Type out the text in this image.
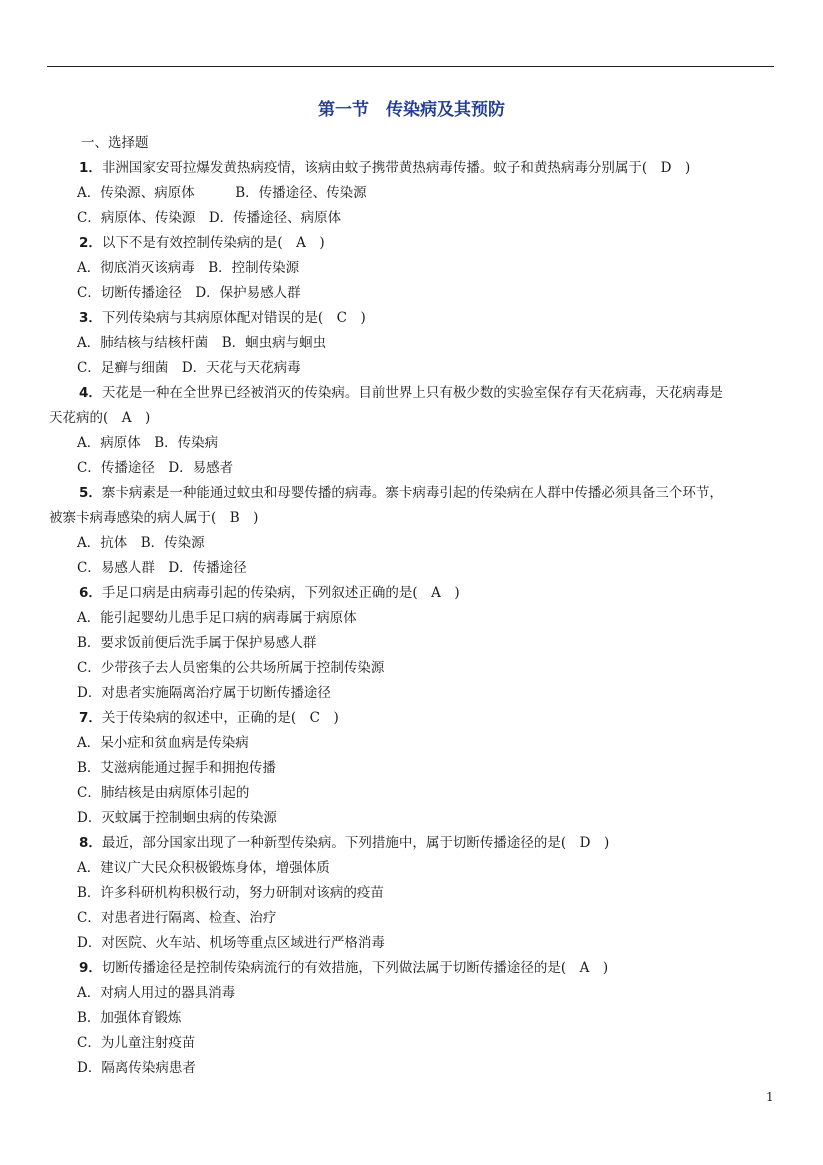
第一节　传染病及其预防
一、选择题
1．非洲国家安哥拉爆发黄热病疫情，该病由蚊子携带黄热病毒传播。蚊子和黄热病毒分别属于(　D　)
A．传染源、病原体　　　B．传播途径、传染源
C．病原体、传染源　D．传播途径、病原体
2．以下不是有效控制传染病的是(　A　)
A．彻底消灭该病毒　B．控制传染源
C．切断传播途径　D．保护易感人群
3．下列传染病与其病原体配对错误的是(　C　)
A．肺结核与结核杆菌　B．蛔虫病与蛔虫
C．足癣与细菌　D．天花与天花病毒
4．天花是一种在全世界已经被消灭的传染病。目前世界上只有极少数的实验室保存有天花病毒，天花病毒是
天花病的(　A　)
A．病原体　B．传染病
C．传播途径　D．易感者
5．寨卡病素是一种能通过蚊虫和母婴传播的病毒。寨卡病毒引起的传染病在人群中传播必须具备三个环节，
被寨卡病毒感染的病人属于(　B　)
A．抗体　B．传染源
C．易感人群　D．传播途径
6．手足口病是由病毒引起的传染病，下列叙述正确的是(　A　)
A．能引起婴幼儿患手足口病的病毒属于病原体
B．要求饭前便后洗手属于保护易感人群
C．少带孩子去人员密集的公共场所属于控制传染源
D．对患者实施隔离治疗属于切断传播途径
7．关于传染病的叙述中，正确的是(　C　)
A．呆小症和贫血病是传染病
B．艾滋病能通过握手和拥抱传播
C．肺结核是由病原体引起的
D．灭蚊属于控制蛔虫病的传染源
8．最近，部分国家出现了一种新型传染病。下列措施中，属于切断传播途径的是(　D　)
A．建议广大民众积极锻炼身体，增强体质
B．许多科研机构积极行动，努力研制对该病的疫苗
C．对患者进行隔离、检查、治疗
D．对医院、火车站、机场等重点区域进行严格消毒
9．切断传播途径是控制传染病流行的有效措施，下列做法属于切断传播途径的是(　A　)
A．对病人用过的器具消毒
B．加强体育锻炼
C．为儿童注射疫苗
D．隔离传染病患者
1
